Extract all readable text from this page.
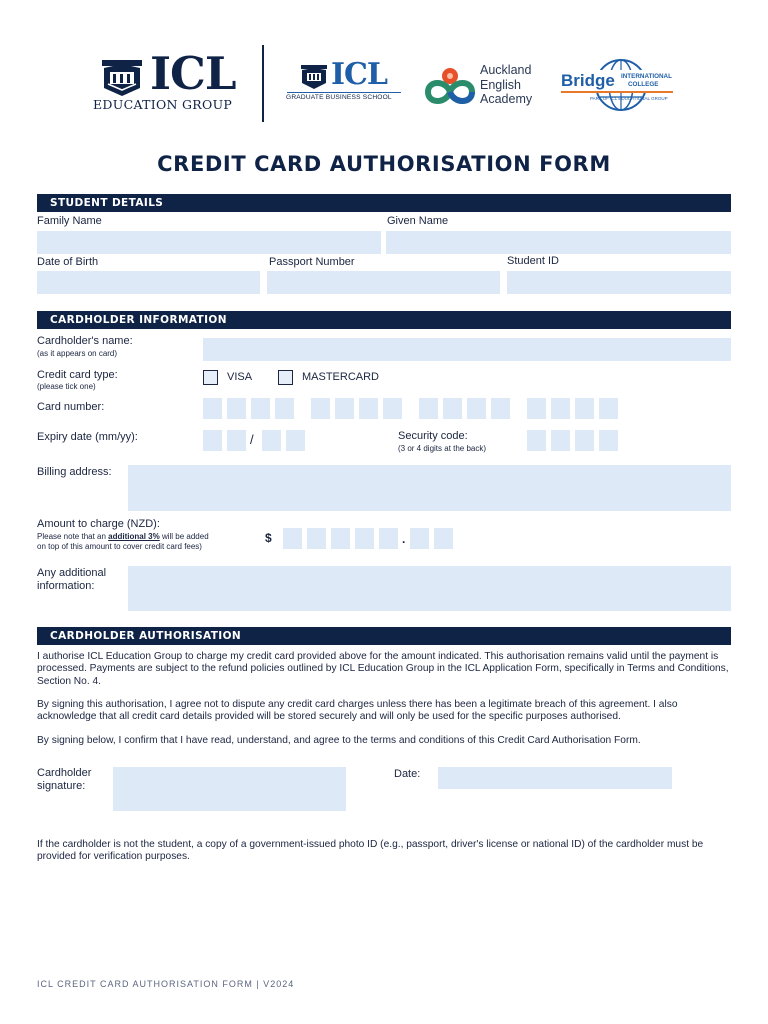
ICL
EDUCATION GROUP
ICL
GRADUATE BUSINESS SCHOOL
Auckland
English
Academy
Bridge INTERNATIONAL
COLLEGE
PART OF ICL EDUCATIONAL GROUP
CREDIT CARD AUTHORISATION FORM
STUDENT DETAILS
Family Name	Given Name
Date of Birth	Passport Number	Student ID
CARDHOLDER INFORMATION
Cardholder's name:
(as it appears on card)
Credit card type:
(please tick one)
VISA	MASTERCARD
Card number:
Expiry date (mm/yy):	/	Security code:
(3 or 4 digits at the back)
Billing address:
Amount to charge (NZD):
Please note that an additional 3% will be added
on top of this amount to cover credit card fees)
$	.
Any additional
information:
CARDHOLDER AUTHORISATION
I authorise ICL Education Group to charge my credit card provided above for the amount indicated. This authorisation remains valid until the payment is processed. Payments are subject to the refund policies outlined by ICL Education Group in the ICL Application Form, specifically in Terms and Conditions, Section No. 4.
By signing this authorisation, I agree not to dispute any credit card charges unless there has been a legitimate breach of this agreement. I also acknowledge that all credit card details provided will be stored securely and will only be used for the specific purposes authorised.
By signing below, I confirm that I have read, understand, and agree to the terms and conditions of this Credit Card Authorisation Form.
Cardholder
signature:
Date:
If the cardholder is not the student, a copy of a government-issued photo ID (e.g., passport, driver's license or national ID) of the cardholder must be provided for verification purposes.
ICL CREDIT CARD AUTHORISATION FORM | V2024
